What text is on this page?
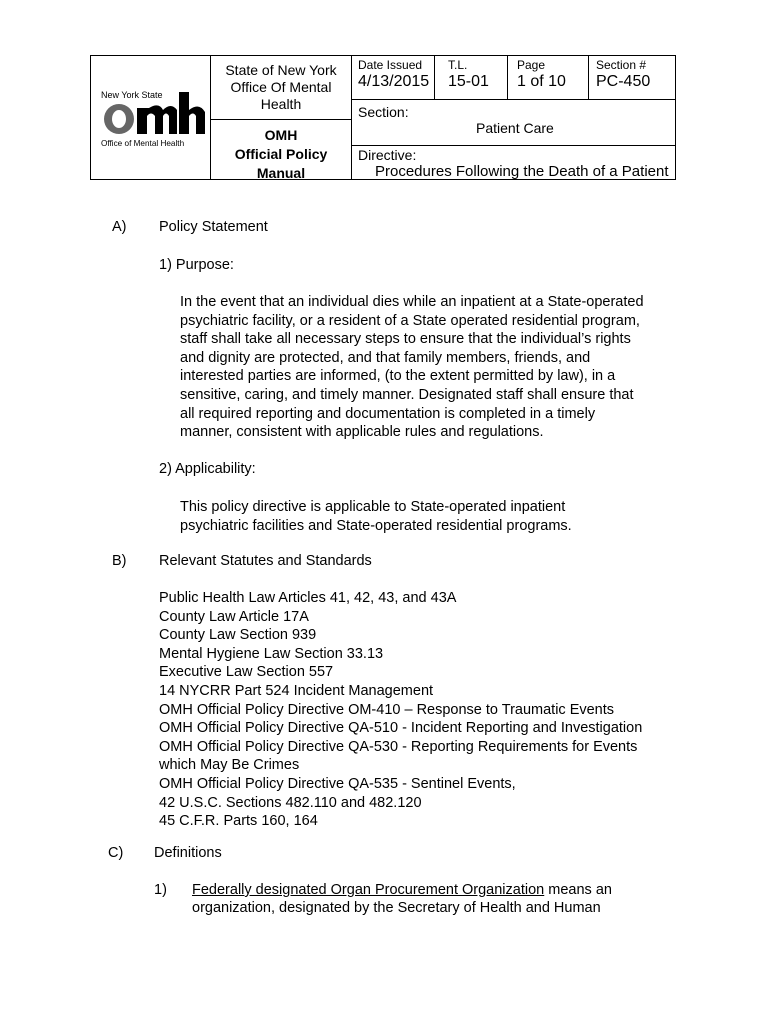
New York State
Office of Mental Health
State of New York
Office Of Mental
Health
OMH
Official Policy
Manual
Date Issued
4/13/2015
T.L.
15-01
Page
1 of 10
Section #
PC-450
Section:
Patient Care
Directive:
Procedures Following the Death of a Patient
A) Policy Statement
1) Purpose:
In the event that an individual dies while an inpatient at a State-operated
psychiatric facility, or a resident of a State operated residential program,
staff shall take all necessary steps to ensure that the individual’s rights
and dignity are protected, and that family members, friends, and
interested parties are informed, (to the extent permitted by law), in a
sensitive, caring, and timely manner. Designated staff shall ensure that
all required reporting and documentation is completed in a timely
manner, consistent with applicable rules and regulations.
2) Applicability:
This policy directive is applicable to State-operated inpatient
psychiatric facilities and State-operated residential programs.
B) Relevant Statutes and Standards
Public Health Law Articles 41, 42, 43, and 43A
County Law Article 17A
County Law Section 939
Mental Hygiene Law Section 33.13
Executive Law Section 557
14 NYCRR Part 524 Incident Management
OMH Official Policy Directive OM-410 – Response to Traumatic Events
OMH Official Policy Directive QA-510 - Incident Reporting and Investigation
OMH Official Policy Directive QA-530 - Reporting Requirements for Events
which May Be Crimes
OMH Official Policy Directive QA-535 - Sentinel Events,
42 U.S.C. Sections 482.110 and 482.120
45 C.F.R. Parts 160, 164
C) Definitions
1) Federally designated Organ Procurement Organization means an
organization, designated by the Secretary of Health and Human
